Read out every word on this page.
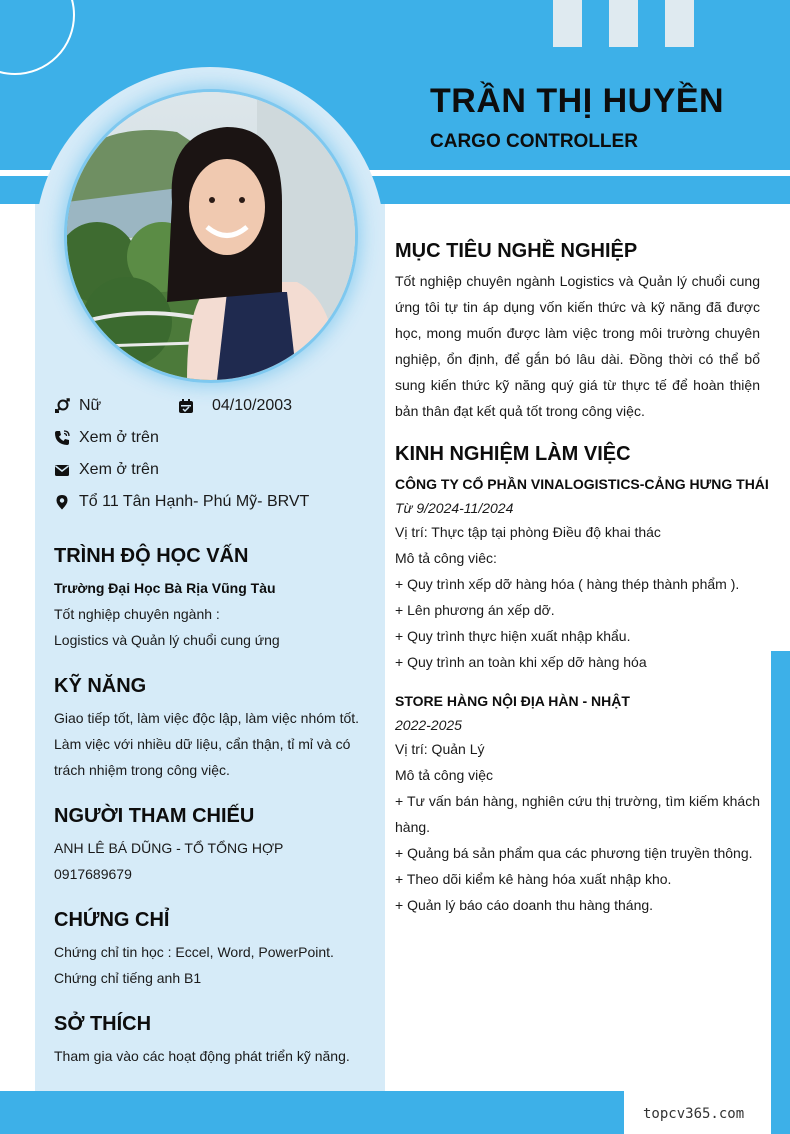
TRẦN THỊ HUYỀN
CARGO CONTROLLER
Nữ	04/10/2003
Xem ở trên
Xem ở trên
Tổ 11 Tân Hạnh- Phú Mỹ- BRVT
TRÌNH ĐỘ HỌC VẤN
Trường Đại Học Bà Rịa Vũng Tàu
Tốt nghiệp chuyên ngành :
Logistics và Quản lý chuổi cung ứng
KỸ NĂNG
Giao tiếp tốt, làm việc độc lập, làm việc nhóm tốt. Làm việc với nhiều dữ liệu, cẩn thận, tỉ mỉ và có trách nhiệm trong công việc.
NGƯỜI THAM CHIẾU
ANH LÊ BÁ DŨNG - TỔ TỔNG HỢP
0917689679
CHỨNG CHỈ
Chứng chỉ tin học : Eccel, Word, PowerPoint.
Chứng chỉ tiếng anh B1
SỞ THÍCH
Tham gia vào các hoạt động phát triển kỹ năng.
MỤC TIÊU NGHỀ NGHIỆP
Tốt nghiệp chuyên ngành Logistics và Quản lý chuổi cung ứng tôi tự tin áp dụng vốn kiến thức và kỹ năng đã được học, mong muốn được làm việc trong môi trường chuyên nghiệp, ổn định, để gắn bó lâu dài. Đồng thời có thể bổ sung kiến thức kỹ năng quý giá từ thực tế để hoàn thiện bản thân đạt kết quả tốt trong công việc.
KINH NGHIỆM LÀM VIỆC
CÔNG TY CỔ PHẦN VINALOGISTICS-CẢNG HƯNG THÁI
Từ 9/2024-11/2024
Vị trí: Thực tập tại phòng Điều độ khai thác
Mô tả công viêc:
+ Quy trình xếp dỡ hàng hóa ( hàng thép thành phẩm ).
+ Lên phương án xếp dỡ.
+ Quy trình thực hiện xuất nhập khẩu.
+ Quy trình an toàn khi xếp dỡ hàng hóa
STORE HÀNG NỘI ĐỊA HÀN - NHẬT
2022-2025
Vị trí: Quản Lý
Mô tả công việc
+ Tư vấn bán hàng, nghiên cứu thị trường, tìm kiếm khách hàng.
+ Quảng bá sản phẩm qua các phương tiện truyền thông.
+ Theo dõi kiểm kê hàng hóa xuất nhập kho.
+ Quản lý báo cáo doanh thu hàng tháng.
topcv365.com
